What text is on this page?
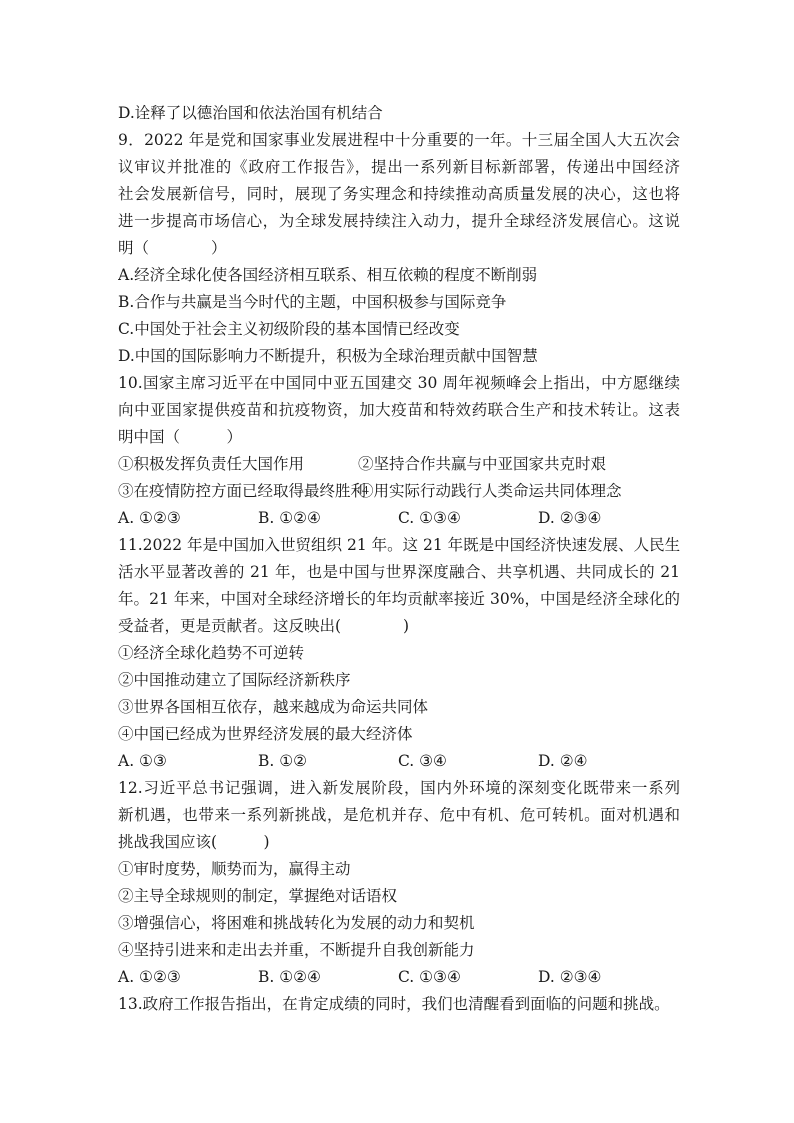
D.诠释了以德治国和依法治国有机结合
9．2022 年是党和国家事业发展进程中十分重要的一年。十三届全国人大五次会
议审议并批准的《政府工作报告》，提出一系列新目标新部署，传递出中国经济
社会发展新信号，同时，展现了务实理念和持续推动高质量发展的决心，这也将
进一步提高市场信心，为全球发展持续注入动力，提升全球经济发展信心。这说
明（　　　　）
A.经济全球化使各国经济相互联系、相互依赖的程度不断削弱
B.合作与共赢是当今时代的主题，中国积极参与国际竞争
C.中国处于社会主义初级阶段的基本国情已经改变
D.中国的国际影响力不断提升，积极为全球治理贡献中国智慧
10.国家主席习近平在中国同中亚五国建交 30 周年视频峰会上指出，中方愿继续
向中亚国家提供疫苗和抗疫物资，加大疫苗和特效药联合生产和技术转让。这表
明中国（　　　）
①积极发挥负责任大国作用	②坚持合作共赢与中亚国家共克时艰
③在疫情防控方面已经取得最终胜利
④用实际行动践行人类命运共同体理念
A. ①②③	B. ①②④	C. ①③④	D. ②③④
11.2022 年是中国加入世贸组织 21 年。这 21 年既是中国经济快速发展、人民生
活水平显著改善的 21 年，也是中国与世界深度融合、共享机遇、共同成长的 21
年。21 年来，中国对全球经济增长的年均贡献率接近 30%，中国是经济全球化的
受益者，更是贡献者。这反映出(　　　　)
①经济全球化趋势不可逆转
②中国推动建立了国际经济新秩序
③世界各国相互依存，越来越成为命运共同体
④中国已经成为世界经济发展的最大经济体
A. ①③	B. ①②	C. ③④	D. ②④
12.习近平总书记强调，进入新发展阶段，国内外环境的深刻变化既带来一系列
新机遇，也带来一系列新挑战，是危机并存、危中有机、危可转机。面对机遇和
挑战我国应该(　　　)
①审时度势，顺势而为，赢得主动
②主导全球规则的制定，掌握绝对话语权
③增强信心，将困难和挑战转化为发展的动力和契机
④坚持引进来和走出去并重，不断提升自我创新能力
A. ①②③	B. ①②④	C. ①③④	D. ②③④
13.政府工作报告指出，在肯定成绩的同时，我们也清醒看到面临的问题和挑战。
